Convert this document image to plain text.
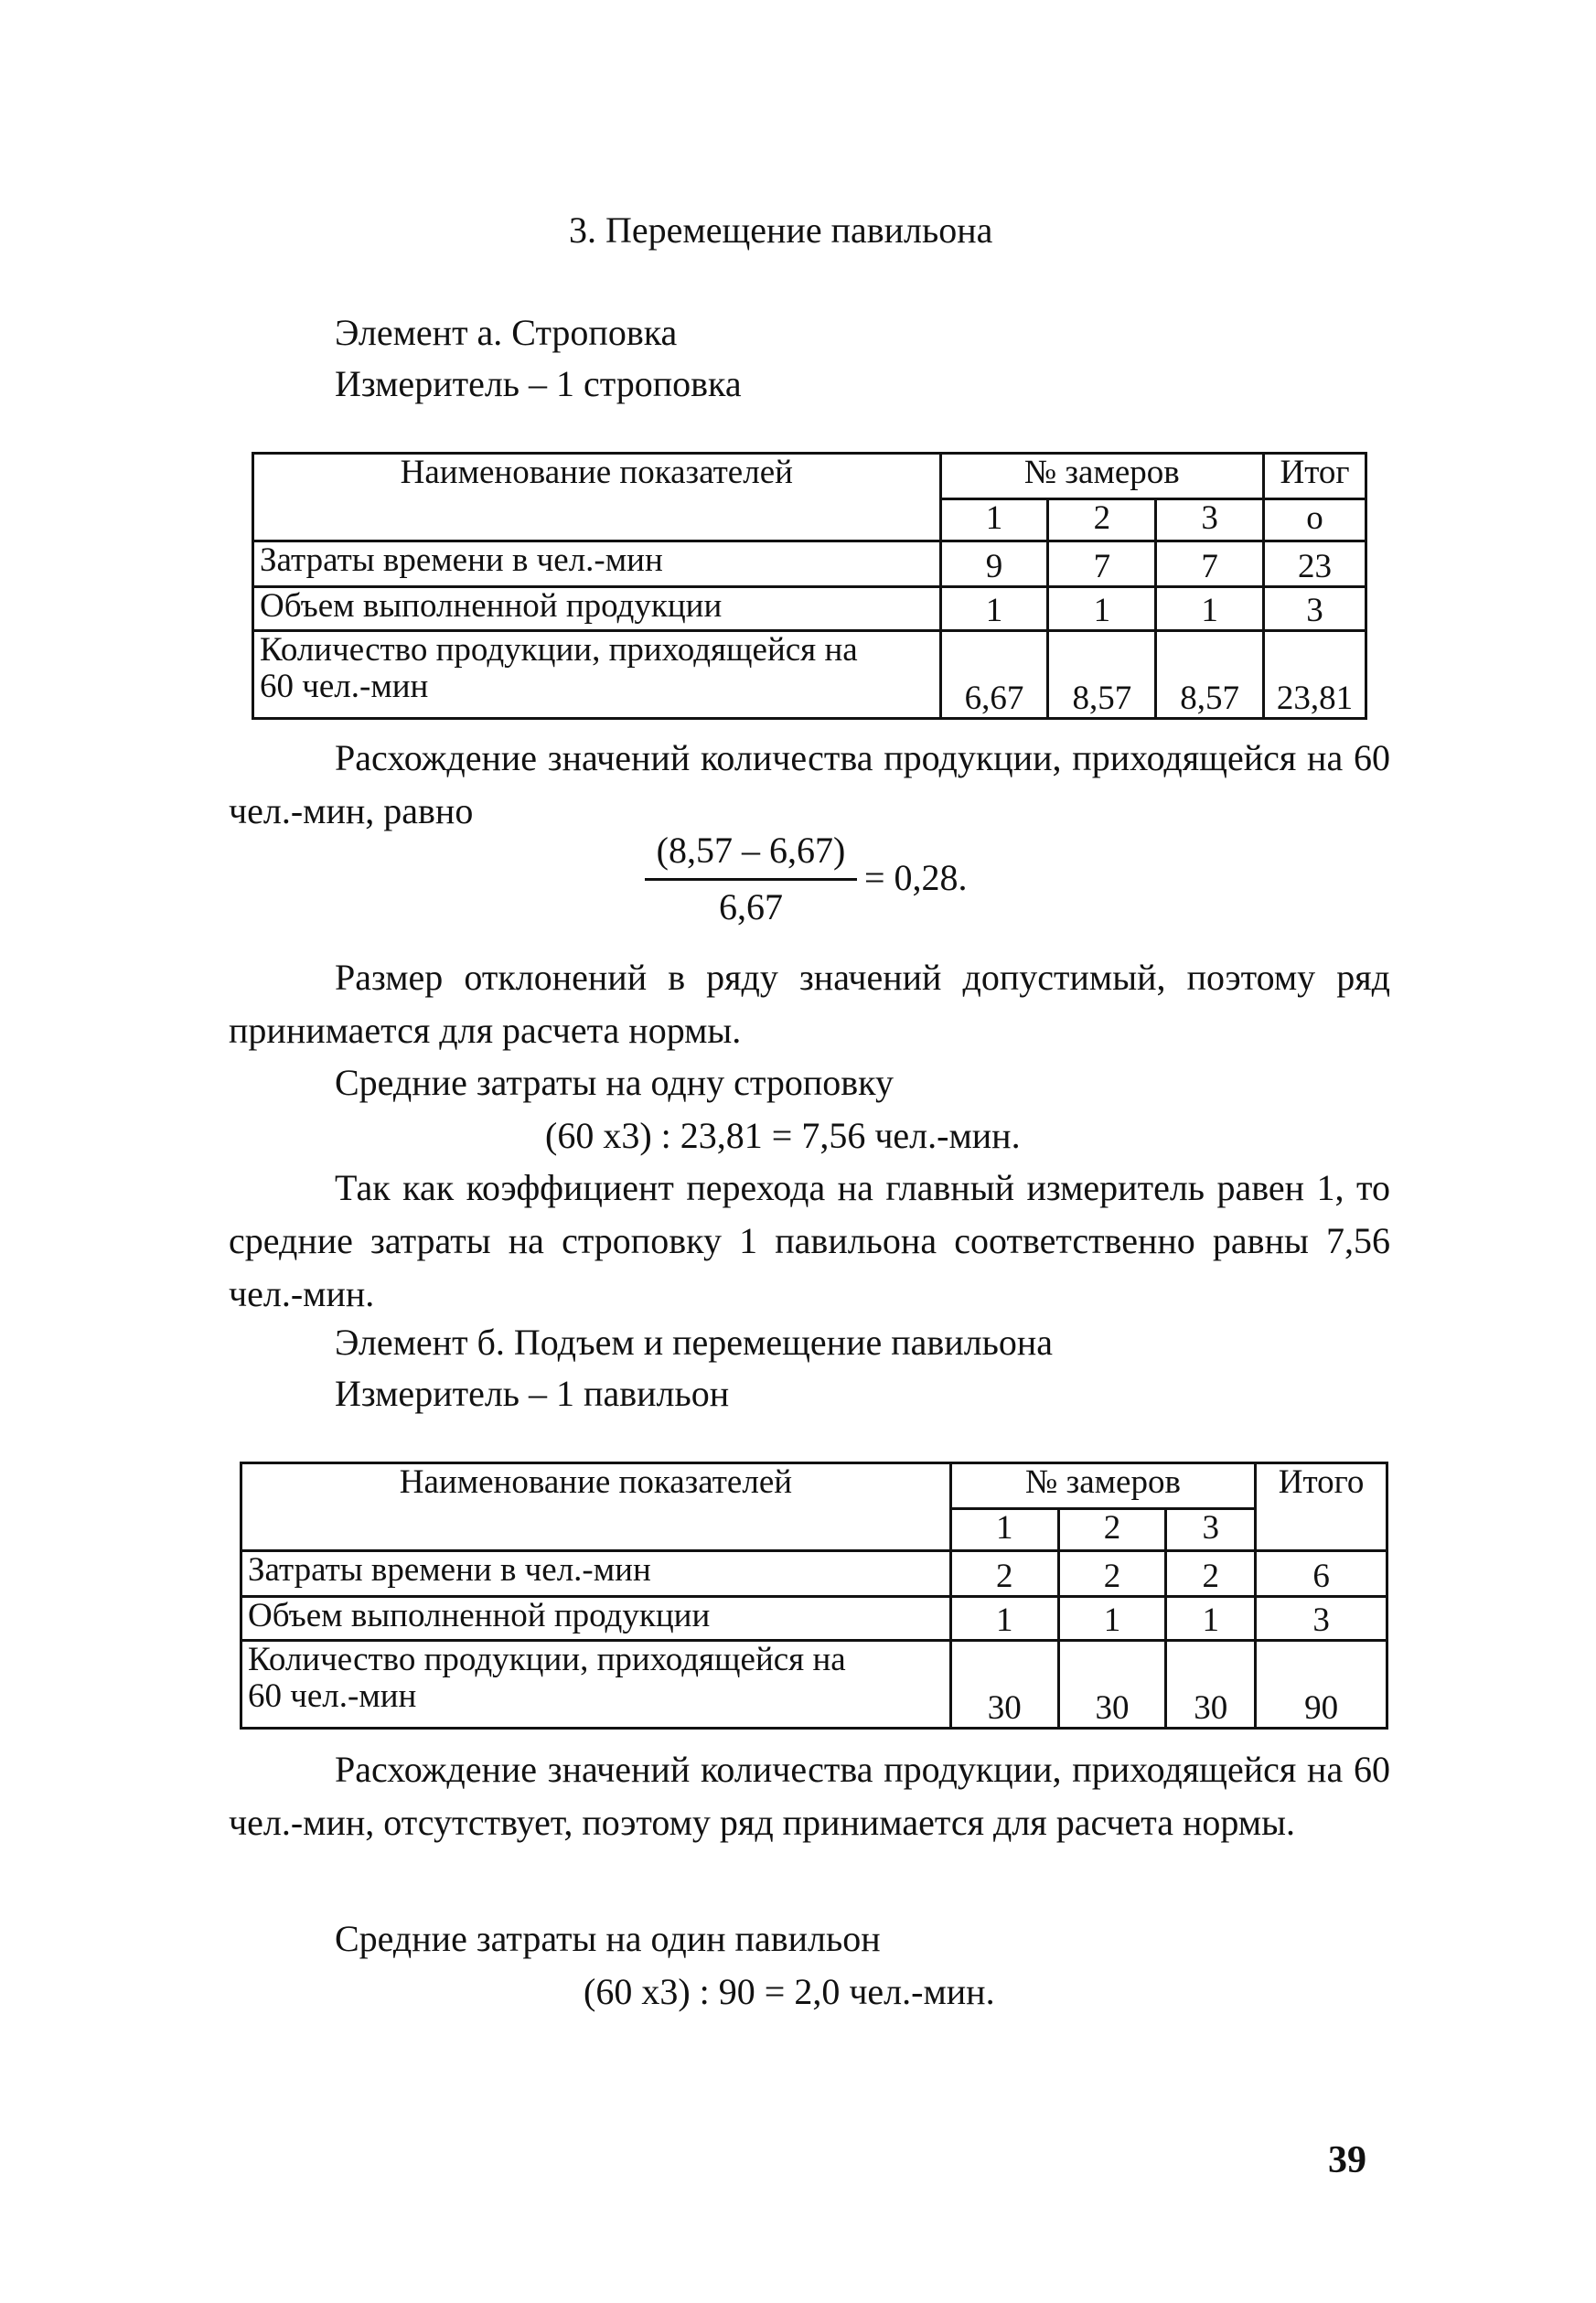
3. Перемещение павильона
Элемент а. Строповка
Измеритель – 1 строповка
Наименование показателей	№ замеров			Итог
	1	2	3	о
Затраты времени в чел.-мин	9	7	7	23
Объем выполненной продукции	1	1	1	3

Количество продукции, приходящейся на
60 чел.-мин	6,67	8,57	8,57	23,81
Расхождение значений количества продукции, приходящейся на 60 чел.-мин, равно
(8,57 – 6,67)
6,67
= 0,28.
Размер отклонений в ряду значений допустимый, поэтому ряд принимается для расчета нормы.
Средние затраты на одну строповку
(60 х3) : 23,81 = 7,56 чел.-мин.
Так как коэффициент перехода на главный измеритель равен 1, то средние затраты на строповку 1 павильона соответственно равны 7,56 чел.-мин.
Элемент б. Подъем и перемещение павильона
Измеритель – 1 павильон
Наименование показателей	№ замеров			Итого
	1	2	3	
Затраты времени в чел.-мин	2	2	2	6
Объем выполненной продукции	1	1	1	3

Количество продукции, приходящейся на
60 чел.-мин	30	30	30	90
Расхождение значений количества продукции, приходящейся на 60 чел.-мин, отсутствует, поэтому ряд принимается для расчета нормы.
Средние затраты на один павильон
(60 х3) : 90 = 2,0 чел.-мин.
39
